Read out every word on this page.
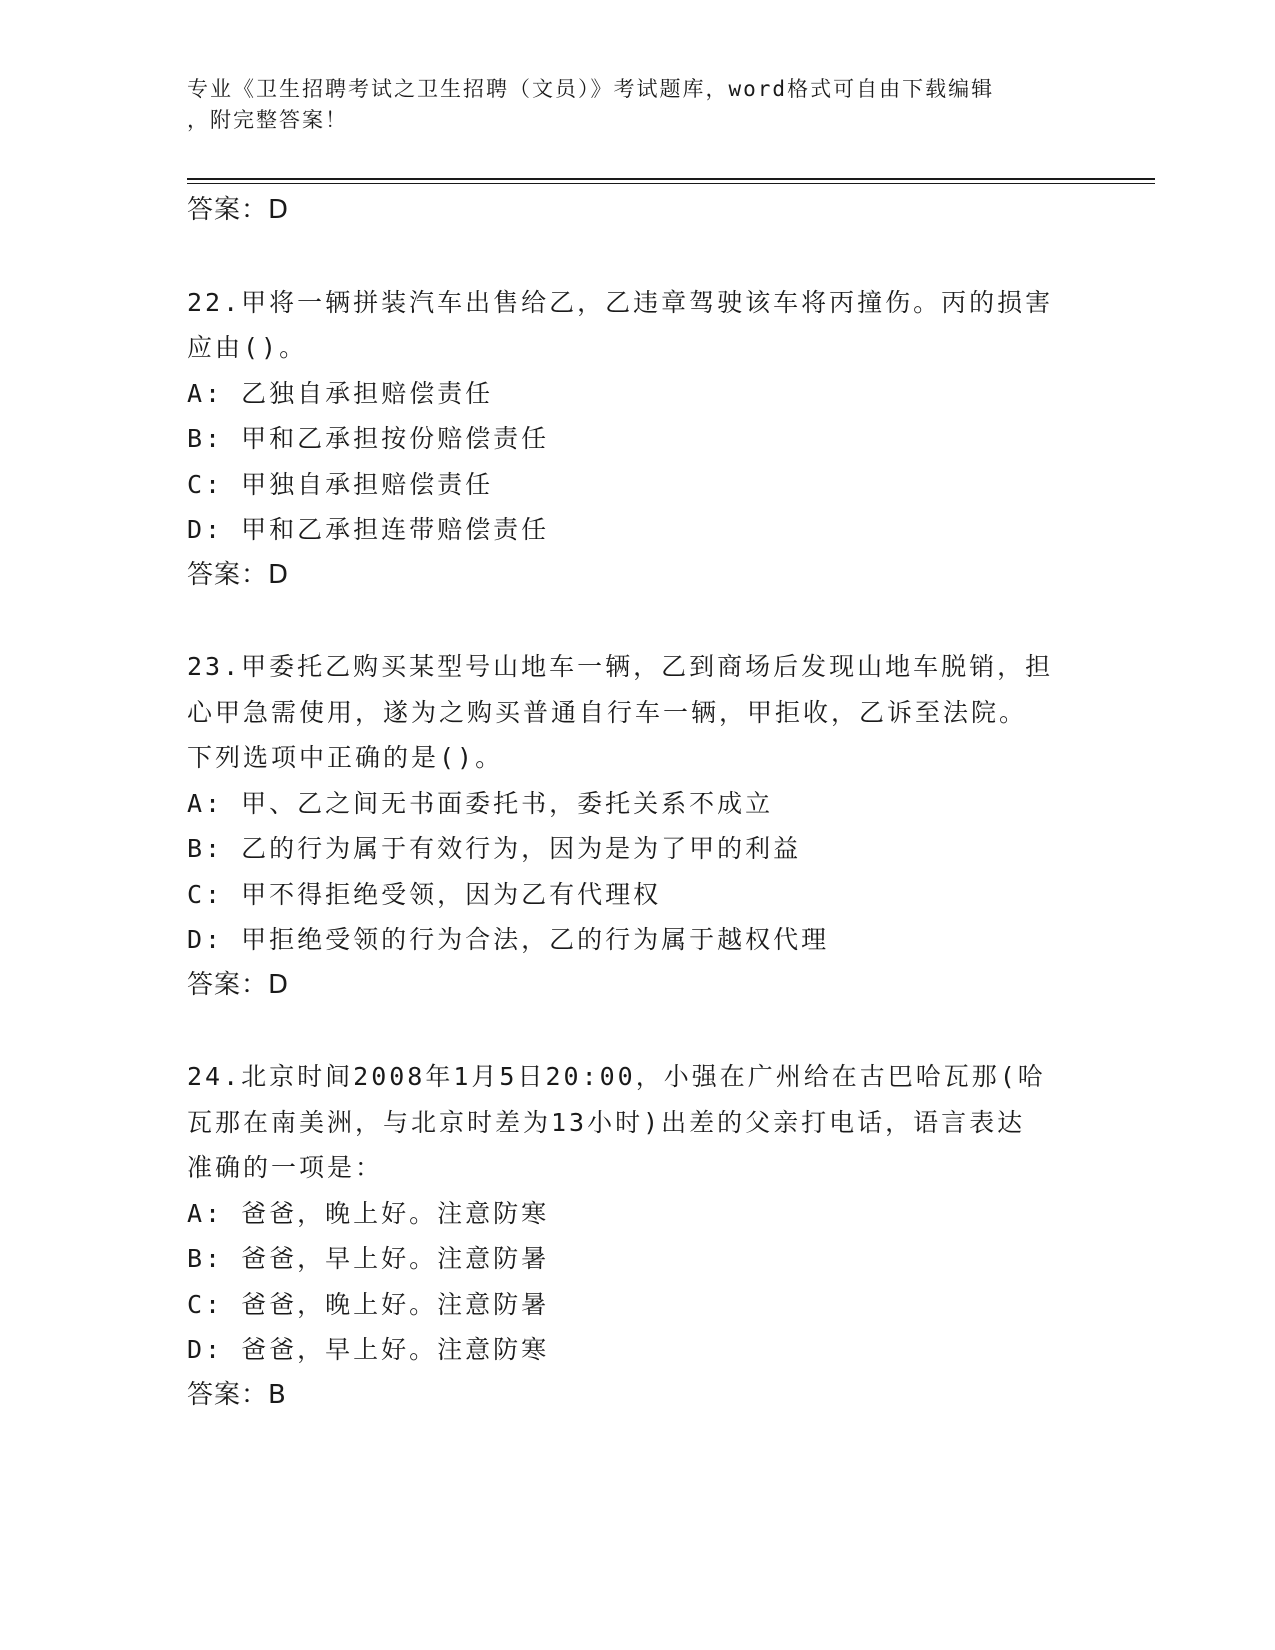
专业《卫生招聘考试之卫生招聘（文员）》考试题库，word格式可自由下载编辑
，附完整答案！
答案：D
22.甲将一辆拼装汽车出售给乙，乙违章驾驶该车将丙撞伤。丙的损害
应由()。
A: 乙独自承担赔偿责任
B: 甲和乙承担按份赔偿责任
C: 甲独自承担赔偿责任
D: 甲和乙承担连带赔偿责任
答案：D
23.甲委托乙购买某型号山地车一辆，乙到商场后发现山地车脱销，担
心甲急需使用，遂为之购买普通自行车一辆，甲拒收，乙诉至法院。
下列选项中正确的是()。
A: 甲、乙之间无书面委托书，委托关系不成立
B: 乙的行为属于有效行为，因为是为了甲的利益
C: 甲不得拒绝受领，因为乙有代理权
D: 甲拒绝受领的行为合法，乙的行为属于越权代理
答案：D
24.北京时间2008年1月5日20:00，小强在广州给在古巴哈瓦那(哈
瓦那在南美洲，与北京时差为13小时)出差的父亲打电话，语言表达
准确的一项是：
A: 爸爸，晚上好。注意防寒
B: 爸爸，早上好。注意防暑
C: 爸爸，晚上好。注意防暑
D: 爸爸，早上好。注意防寒
答案：B
